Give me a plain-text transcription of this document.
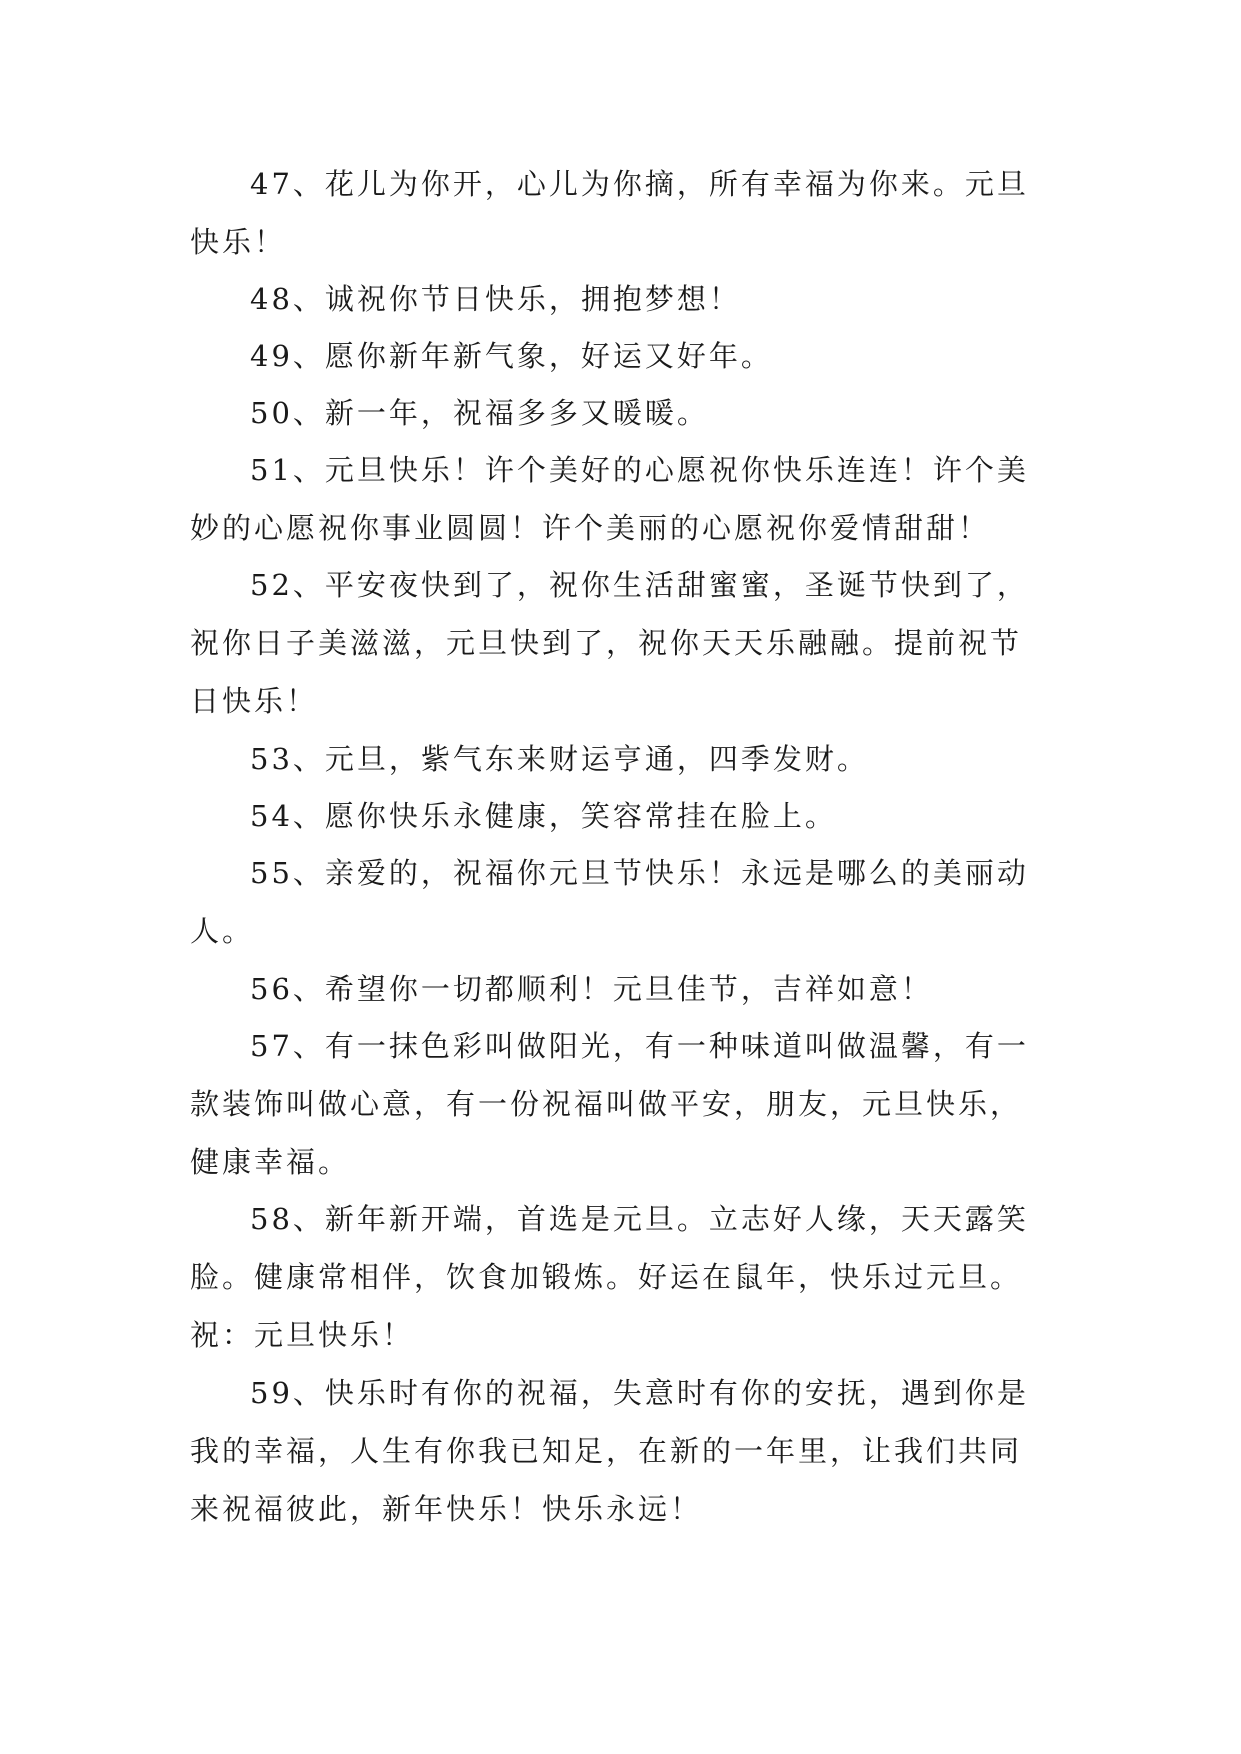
47、花儿为你开，心儿为你摘，所有幸福为你来。元旦
快乐！

48、诚祝你节日快乐，拥抱梦想！

49、愿你新年新气象，好运又好年。

50、新一年，祝福多多又暖暖。

51、元旦快乐！许个美好的心愿祝你快乐连连！许个美
妙的心愿祝你事业圆圆！许个美丽的心愿祝你爱情甜甜！

52、平安夜快到了，祝你生活甜蜜蜜，圣诞节快到了，
祝你日子美滋滋，元旦快到了，祝你天天乐融融。提前祝节
日快乐！

53、元旦，紫气东来财运亨通，四季发财。

54、愿你快乐永健康，笑容常挂在脸上。

55、亲爱的，祝福你元旦节快乐！永远是哪么的美丽动
人。

56、希望你一切都顺利！元旦佳节，吉祥如意！

57、有一抹色彩叫做阳光，有一种味道叫做温馨，有一
款装饰叫做心意，有一份祝福叫做平安，朋友，元旦快乐，
健康幸福。

58、新年新开端，首选是元旦。立志好人缘，天天露笑
脸。健康常相伴，饮食加锻炼。好运在鼠年，快乐过元旦。
祝：元旦快乐！

59、快乐时有你的祝福，失意时有你的安抚，遇到你是
我的幸福，人生有你我已知足，在新的一年里，让我们共同
来祝福彼此，新年快乐！快乐永远！
